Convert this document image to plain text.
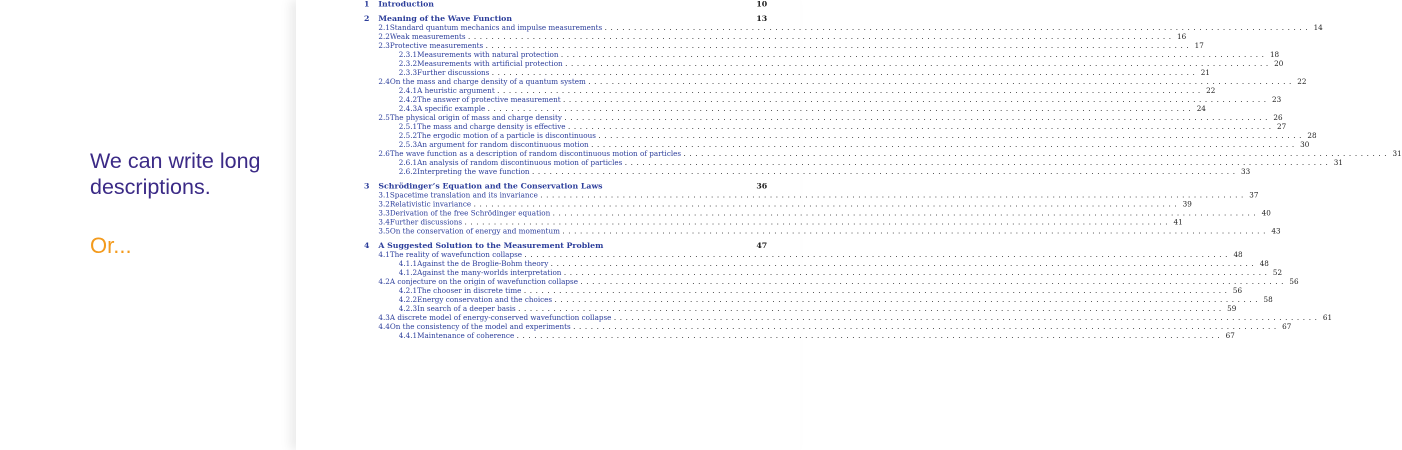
We can write long descriptions.
Or...
1 Introduction	10
2 Meaning of the Wave Function	13
2.1 Standard quantum mechanics and impulse measurements ........................................................................................................................ 14
2.2 Weak measurements ........................................................................................................................ 16
2.3 Protective measurements ........................................................................................................................ 17
2.3.1 Measurements with natural protection ........................................................................................................................ 18
2.3.2 Measurements with artificial protection ........................................................................................................................ 20
2.3.3 Further discussions ........................................................................................................................ 21
2.4 On the mass and charge density of a quantum system ........................................................................................................................ 22
2.4.1 A heuristic argument ........................................................................................................................ 22
2.4.2 The answer of protective measurement ........................................................................................................................ 23
2.4.3 A specific example ........................................................................................................................ 24
2.5 The physical origin of mass and charge density ........................................................................................................................ 26
2.5.1 The mass and charge density is effective ........................................................................................................................ 27
2.5.2 The ergodic motion of a particle is discontinuous ........................................................................................................................ 28
2.5.3 An argument for random discontinuous motion ........................................................................................................................ 30
2.6 The wave function as a description of random discontinuous motion of particles ........................................................................................................................ 31
2.6.1 An analysis of random discontinuous motion of particles ........................................................................................................................ 31
2.6.2 Interpreting the wave function ........................................................................................................................ 33
3 Schrödinger’s Equation and the Conservation Laws	36
3.1 Spacetime translation and its invariance ........................................................................................................................ 37
3.2 Relativistic invariance ........................................................................................................................ 39
3.3 Derivation of the free Schrödinger equation ........................................................................................................................ 40
3.4 Further discussions ........................................................................................................................ 41
3.5 On the conservation of energy and momentum ........................................................................................................................ 43
4 A Suggested Solution to the Measurement Problem	47
4.1 The reality of wavefunction collapse ........................................................................................................................ 48
4.1.1 Against the de Broglie-Bohm theory ........................................................................................................................ 48
4.1.2 Against the many-worlds interpretation ........................................................................................................................ 52
4.2 A conjecture on the origin of wavefunction collapse ........................................................................................................................ 56
4.2.1 The chooser in discrete time ........................................................................................................................ 56
4.2.2 Energy conservation and the choices ........................................................................................................................ 58
4.2.3 In search of a deeper basis ........................................................................................................................ 59
4.3 A discrete model of energy-conserved wavefunction collapse ........................................................................................................................ 61
4.4 On the consistency of the model and experiments ........................................................................................................................ 67
4.4.1 Maintenance of coherence ........................................................................................................................ 67
